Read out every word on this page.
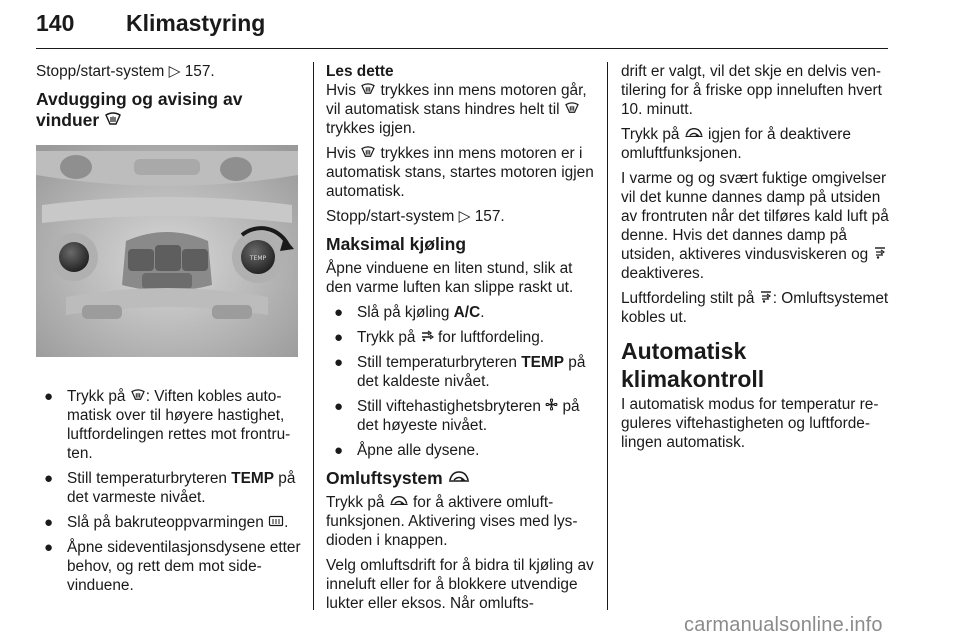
140 Klimastyring

Stopp/start-system ▷ 157.

Avdugging og avising av
vinduer
TEMP
● Trykk på : Viften kobles automatisk over til høyere hastighet, luftfordelingen rettes mot frontruten.
● Still temperaturbryteren TEMP på det varmeste nivået.
● Slå på bakruteoppvarmingen .
● Åpne sideventilasjonsdysene etter behov, og rett dem mot sidevinduene.

Les dette

Hvis trykkes inn mens motoren går, vil automatisk stans hindres helt til  trykkes igjen.

Hvis trykkes inn mens motoren er i automatisk stans, startes motoren igjen automatisk.

Stopp/start-system ▷ 157.

Maksimal kjøling

Åpne vinduene en liten stund, slik at den varme luften kan slippe raskt ut.

● Slå på kjøling A/C.
● Trykk på for luftfordeling.
● Still temperaturbryteren TEMP på det kaldeste nivået.
● Still viftehastighetsbryteren på det høyeste nivået.
● Åpne alle dysene.
Omluftsystem

Trykk på for å aktivere omluftfunksjonen. Aktivering vises med lysdioden i knappen.

Velg omluftsdrift for å bidra til kjøling av inneluft eller for å blokkere utvendige lukter eller eksos. Når omlufts-

drift er valgt, vil det skje en delvis ventilering for å friske opp inneluften hvert 10. minutt.

Trykk på igjen for å deaktivere omluftfunksjonen.

I varme og og svært fuktige omgivelser vil det kunne dannes damp på utsiden av frontruten når det tilføres kald luft på denne. Hvis det dannes damp på utsiden, aktiveres vindusviskeren og  deaktiveres.

Luftfordeling stilt på : Omluftsystemet kobles ut.

Automatisk klimakontroll

I automatisk modus for temperatur reguleres viftehastigheten og luftfordelingen automatisk.

carmanualsonline.info
